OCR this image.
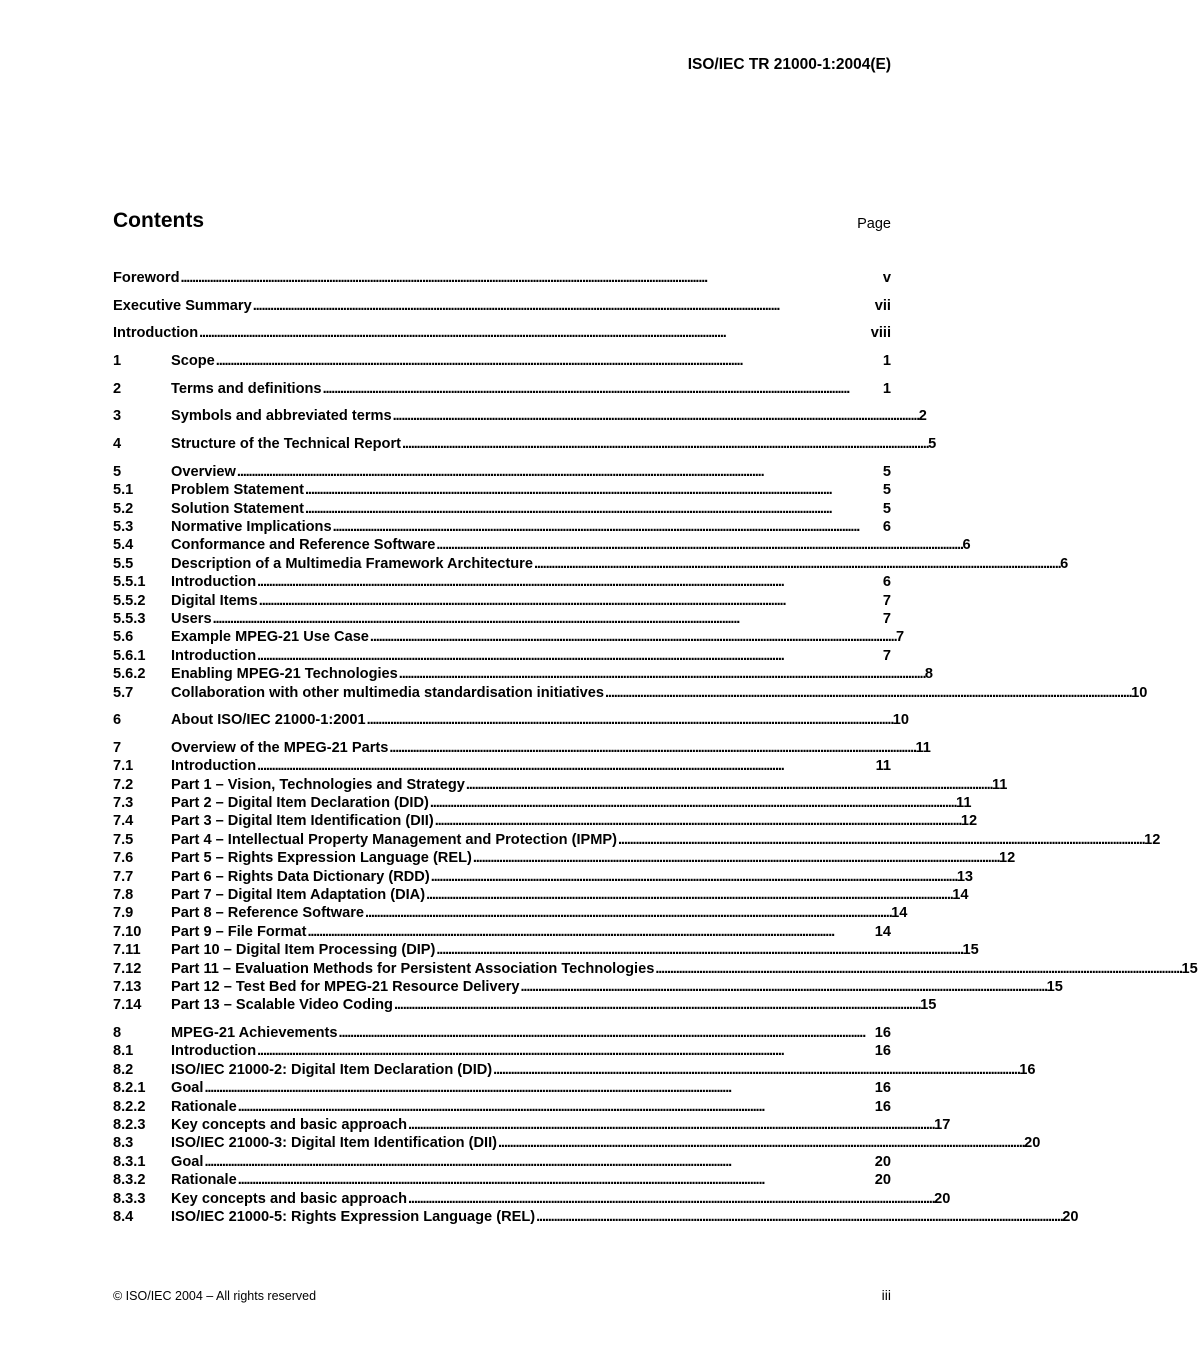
ISO/IEC TR 21000-1:2004(E)
Contents	Page
Foreword . . .	v
Executive Summary . . .	vii
Introduction . . .	viii
1	Scope . . .	1
2	Terms and definitions . . .	1
3	Symbols and abbreviated terms . . .	2
4	Structure of the Technical Report . . .	5
5	Overview . . .	5
5.1	Problem Statement . . .	5
5.2	Solution Statement . . .	5
5.3	Normative Implications . . .	6
5.4	Conformance and Reference Software . . .	6
5.5	Description of a Multimedia Framework Architecture . . .	6
5.5.1	Introduction . . .	6
5.5.2	Digital Items . . .	7
5.5.3	Users . . .	7
5.6	Example MPEG-21 Use Case . . .	7
5.6.1	Introduction . . .	7
5.6.2	Enabling MPEG-21 Technologies . . .	8
5.7	Collaboration with other multimedia standardisation initiatives . . .	10
6	About ISO/IEC 21000-1:2001 . . .	10
7	Overview of the MPEG-21 Parts . . .	11
7.1	Introduction . . .	11
7.2	Part 1 – Vision, Technologies and Strategy . . .	11
7.3	Part 2 – Digital Item Declaration (DID) . . .	11
7.4	Part 3 – Digital Item Identification (DII) . . .	12
7.5	Part 4 – Intellectual Property Management and Protection (IPMP) . . .	12
7.6	Part 5 – Rights Expression Language (REL) . . .	12
7.7	Part 6 – Rights Data Dictionary (RDD) . . .	13
7.8	Part 7 – Digital Item Adaptation (DIA) . . .	14
7.9	Part 8 – Reference Software . . .	14
7.10	Part 9 – File Format . . .	14
7.11	Part 10 – Digital Item Processing (DIP) . . .	15
7.12	Part 11 – Evaluation Methods for Persistent Association Technologies . . .	15
7.13	Part 12 – Test Bed for MPEG-21 Resource Delivery . . .	15
7.14	Part 13 – Scalable Video Coding . . .	15
8	MPEG-21 Achievements . . .	16
8.1	Introduction . . .	16
8.2	ISO/IEC 21000-2: Digital Item Declaration (DID) . . .	16
8.2.1	Goal . . .	16
8.2.2	Rationale . . .	16
8.2.3	Key concepts and basic approach . . .	17
8.3	ISO/IEC 21000-3: Digital Item Identification (DII) . . .	20
8.3.1	Goal . . .	20
8.3.2	Rationale . . .	20
8.3.3	Key concepts and basic approach . . .	20
8.4	ISO/IEC 21000-5: Rights Expression Language (REL) . . .	20
© ISO/IEC 2004 – All rights reserved	iii
